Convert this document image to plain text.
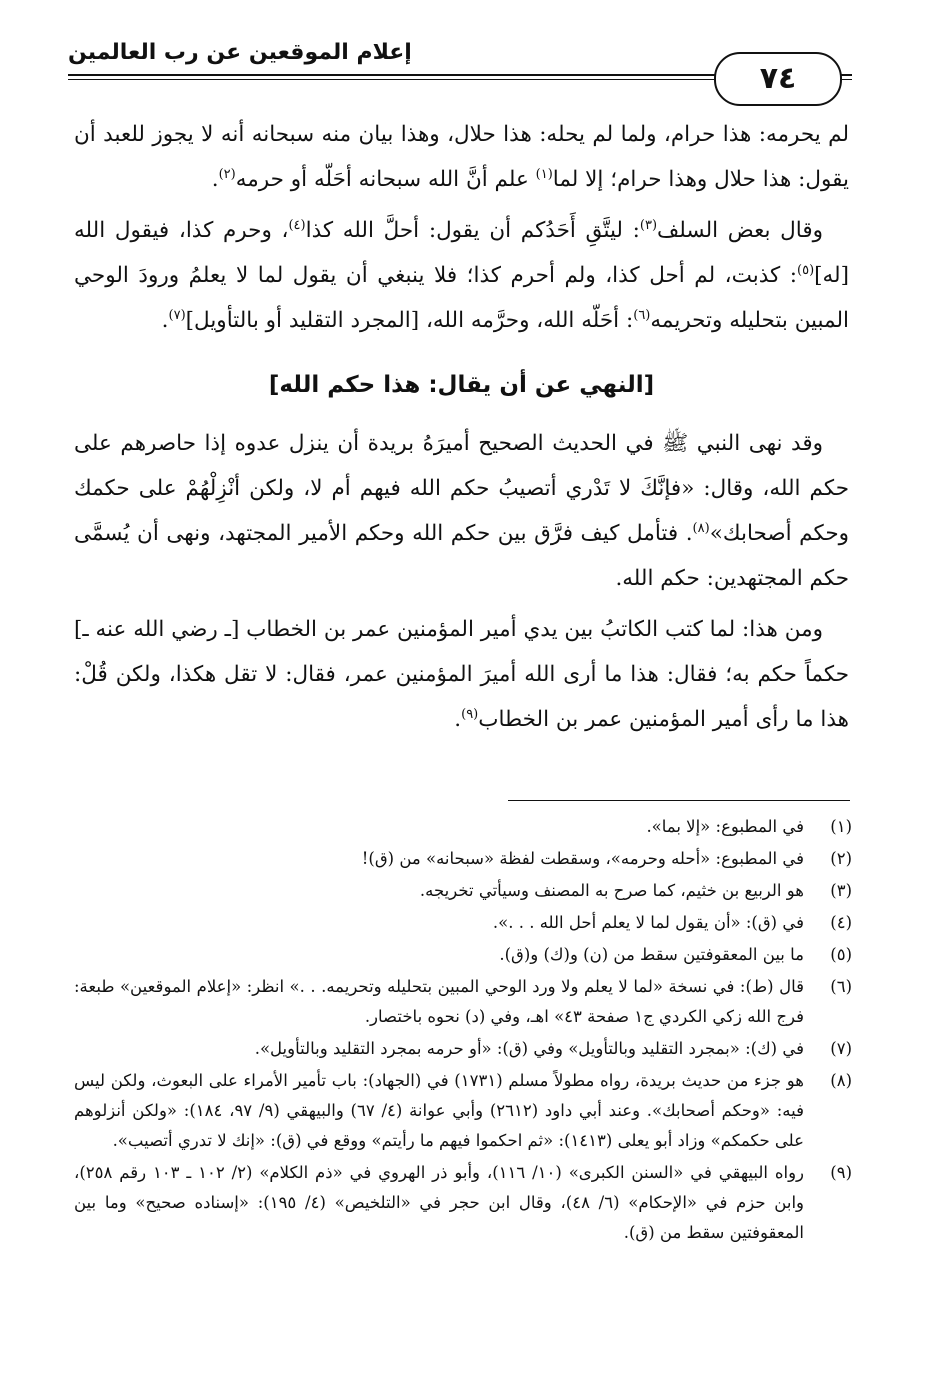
إعلام الموقعين عن رب العالمين
٧٤

لم يحرمه: هذا حرام، ولما لم يحله: هذا حلال، وهذا بيان منه سبحانه أنه لا يجوز للعبد أن يقول: هذا حلال وهذا حرام؛ إلا لما$^{(١)}$ علم أنَّ الله سبحانه أحَلّه أو حرمه$^{(٢)}$.

وقال بعض السلف$^{(٣)}$: ليتَّقِ أَحَدُكم أن يقول: أحلَّ الله كذا$^{(٤)}$، وحرم كذا، فيقول الله [له]$^{(٥)}$: كذبت، لم أحل كذا، ولم أحرم كذا؛ فلا ينبغي أن يقول لما لا يعلمُ ورودَ الوحي المبين بتحليله وتحريمه$^{(٦)}$: أحَلّه الله، وحرَّمه الله، [المجرد التقليد أو بالتأويل]$^{(٧)}$.

[النهي عن أن يقال: هذا حكم الله]

وقد نهى النبي ﷺ في الحديث الصحيح أميرَهُ بريدة أن ينزل عدوه إذا حاصرهم على حكم الله، وقال: «فإنَّكَ لا تَدْري أتصيبُ حكم الله فيهم أم لا، ولكن أنْزِلْهُمْ على حكمك وحكم أصحابك»$^{(٨)}$. فتأمل كيف فرَّق بين حكم الله وحكم الأمير المجتهد، ونهى أن يُسمَّى حكم المجتهدين: حكم الله.

ومن هذا: لما كتب الكاتبُ بين يدي أمير المؤمنين عمر بن الخطاب [ـ رضي الله عنه ـ] حكماً حكم به؛ فقال: هذا ما أرى الله أميرَ المؤمنين عمر، فقال: لا تقل هكذا، ولكن قُلْ: هذا ما رأى أمير المؤمنين عمر بن الخطاب$^{(٩)}$.

(١)
في المطبوع: «إلا بما».
(٢)
في المطبوع: «أحله وحرمه»، وسقطت لفظة «سبحانه» من (ق)!
(٣)
هو الربيع بن خثيم، كما صرح به المصنف وسيأتي تخريجه.
(٤)
في (ق): «أن يقول لما لا يعلم أحل الله . . .».
(٥)
ما بين المعقوفتين سقط من (ن) و(ك) و(ق).
(٦)
قال (ط): في نسخة «لما لا يعلم ولا ورد الوحي المبين بتحليله وتحريمه. . .» انظر: «إعلام الموقعين» طبعة: فرج الله زكي الكردي ج١ صفحة ٤٣» اهـ، وفي (د) نحوه باختصار.
(٧)
في (ك): «بمجرد التقليد وبالتأويل» وفي (ق): «أو حرمه بمجرد التقليد وبالتأويل».
(٨)
هو جزء من حديث بريدة، رواه مطولاً مسلم (١٧٣١) في (الجهاد): باب تأمير الأمراء على البعوث، ولكن ليس فيه: «وحكم أصحابك». وعند أبي داود (٢٦١٢) وأبي عوانة (٤/ ٦٧) والبيهقي (٩/ ٩٧، ١٨٤): «ولكن أنزلوهم على حكمكم» وزاد أبو يعلى (١٤١٣): «ثم احكموا فيهم ما رأيتم» ووقع في (ق): «إنك لا تدري أتصيب».
(٩)
رواه البيهقي في «السنن الكبرى» (١٠/ ١١٦)، وأبو ذر الهروي في «ذم الكلام» (٢/ ١٠٢ ـ ١٠٣ رقم ٢٥٨)، وابن حزم في «الإحكام» (٦/ ٤٨)، وقال ابن حجر في «التلخيص» (٤/ ١٩٥): «إسناده صحيح» وما بين المعقوفتين سقط من (ق).
